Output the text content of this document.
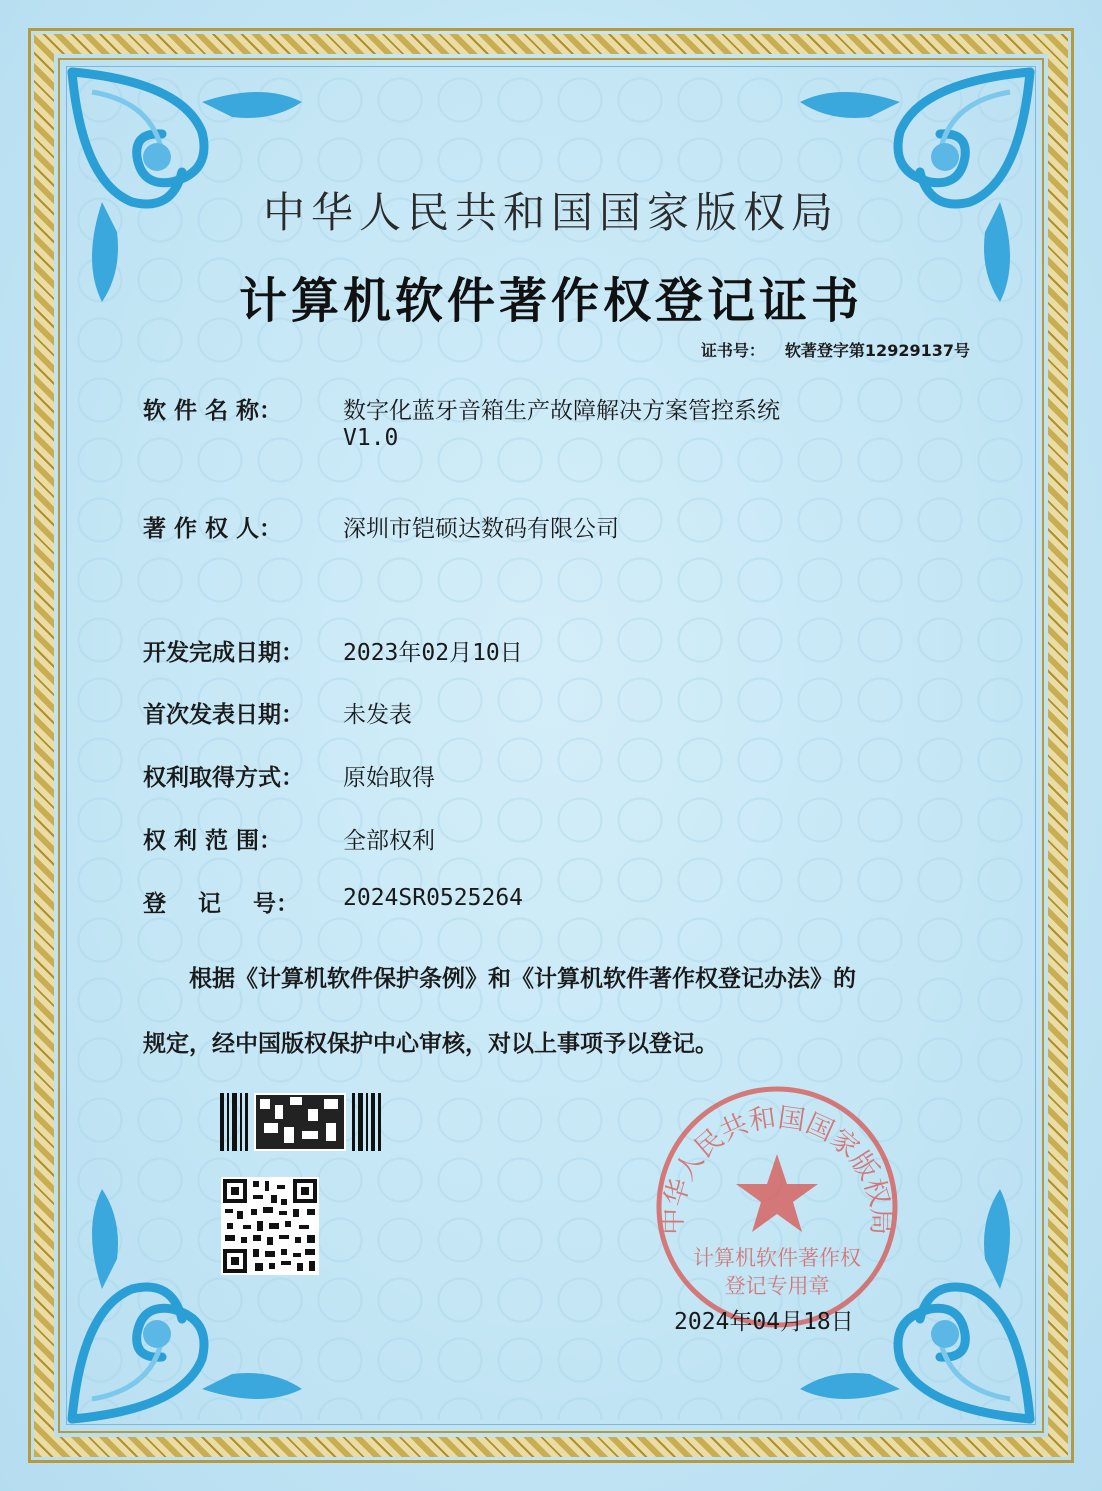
中华人民共和国国家版权局
计算机软件著作权登记证书
证书号： 软著登字第12929137号
软 件 名 称：	数字化蓝牙音箱生产故障解决方案管控系统
V1.0
著 作 权 人：	深圳市铠硕达数码有限公司
开发完成日期： 2023年02月10日
首次发表日期： 未发表
权利取得方式： 原始取得
权 利 范 围：	全部权利
登    记    号： 2024SR0525264
根据《计算机软件保护条例》和《计算机软件著作权登记办法》的
规定，经中国版权保护中心审核，对以上事项予以登记。
中华人民共和国国家版权局
计算机软件著作权
登记专用章
2024年04月18日
